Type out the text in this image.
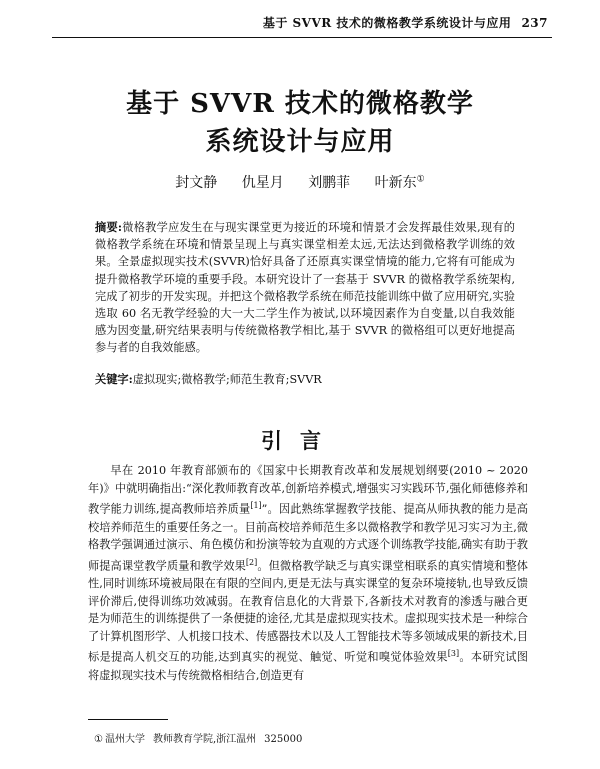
基于 SVVR 技术的微格教学系统设计与应用 237
基于 SVVR 技术的微格教学
系统设计与应用
封文静 仇星月 刘鹏菲 叶新东①
摘要:微格教学应发生在与现实课堂更为接近的环境和情景才会发挥最佳效果,现有的微格教学系统在环境和情景呈现上与真实课堂相差太远,无法达到微格教学训练的效果。全景虚拟现实技术(SVVR)恰好具备了还原真实课堂情境的能力,它将有可能成为提升微格教学环境的重要手段。本研究设计了一套基于 SVVR 的微格教学系统架构,完成了初步的开发实现。并把这个微格教学系统在师范技能训练中做了应用研究,实验选取 60 名无教学经验的大一大二学生作为被试,以环境因素作为自变量,以自我效能感为因变量,研究结果表明与传统微格教学相比,基于 SVVR 的微格组可以更好地提高参与者的自我效能感。
关键字:虚拟现实;微格教学;师范生教育;SVVR
引言
早在 2010 年教育部颁布的《国家中长期教育改革和发展规划纲要(2010 ~ 2020 年)》中就明确指出:“深化教师教育改革,创新培养模式,增强实习实践环节,强化师德修养和教学能力训练,提高教师培养质量[1]”。因此熟练掌握教学技能、提高从师执教的能力是高校培养师范生的重要任务之一。目前高校培养师范生多以微格教学和教学见习实习为主,微格教学强调通过演示、角色模仿和扮演等较为直观的方式逐个训练教学技能,确实有助于教师提高课堂教学质量和教学效果[2]。但微格教学缺乏与真实课堂相联系的真实情境和整体性,同时训练环境被局限在有限的空间内,更是无法与真实课堂的复杂环境接轨,也导致反馈评价滞后,使得训练功效减弱。在教育信息化的大背景下,各新技术对教育的渗透与融合更是为师范生的训练提供了一条便捷的途径,尤其是虚拟现实技术。虚拟现实技术是一种综合了计算机图形学、人机接口技术、传感器技术以及人工智能技术等多领域成果的新技术,目标是提高人机交互的功能,达到真实的视觉、触觉、听觉和嗅觉体验效果[3]。本研究试图将虚拟现实技术与传统微格相结合,创造更有
① 温州大学 教师教育学院,浙江温州 325000
